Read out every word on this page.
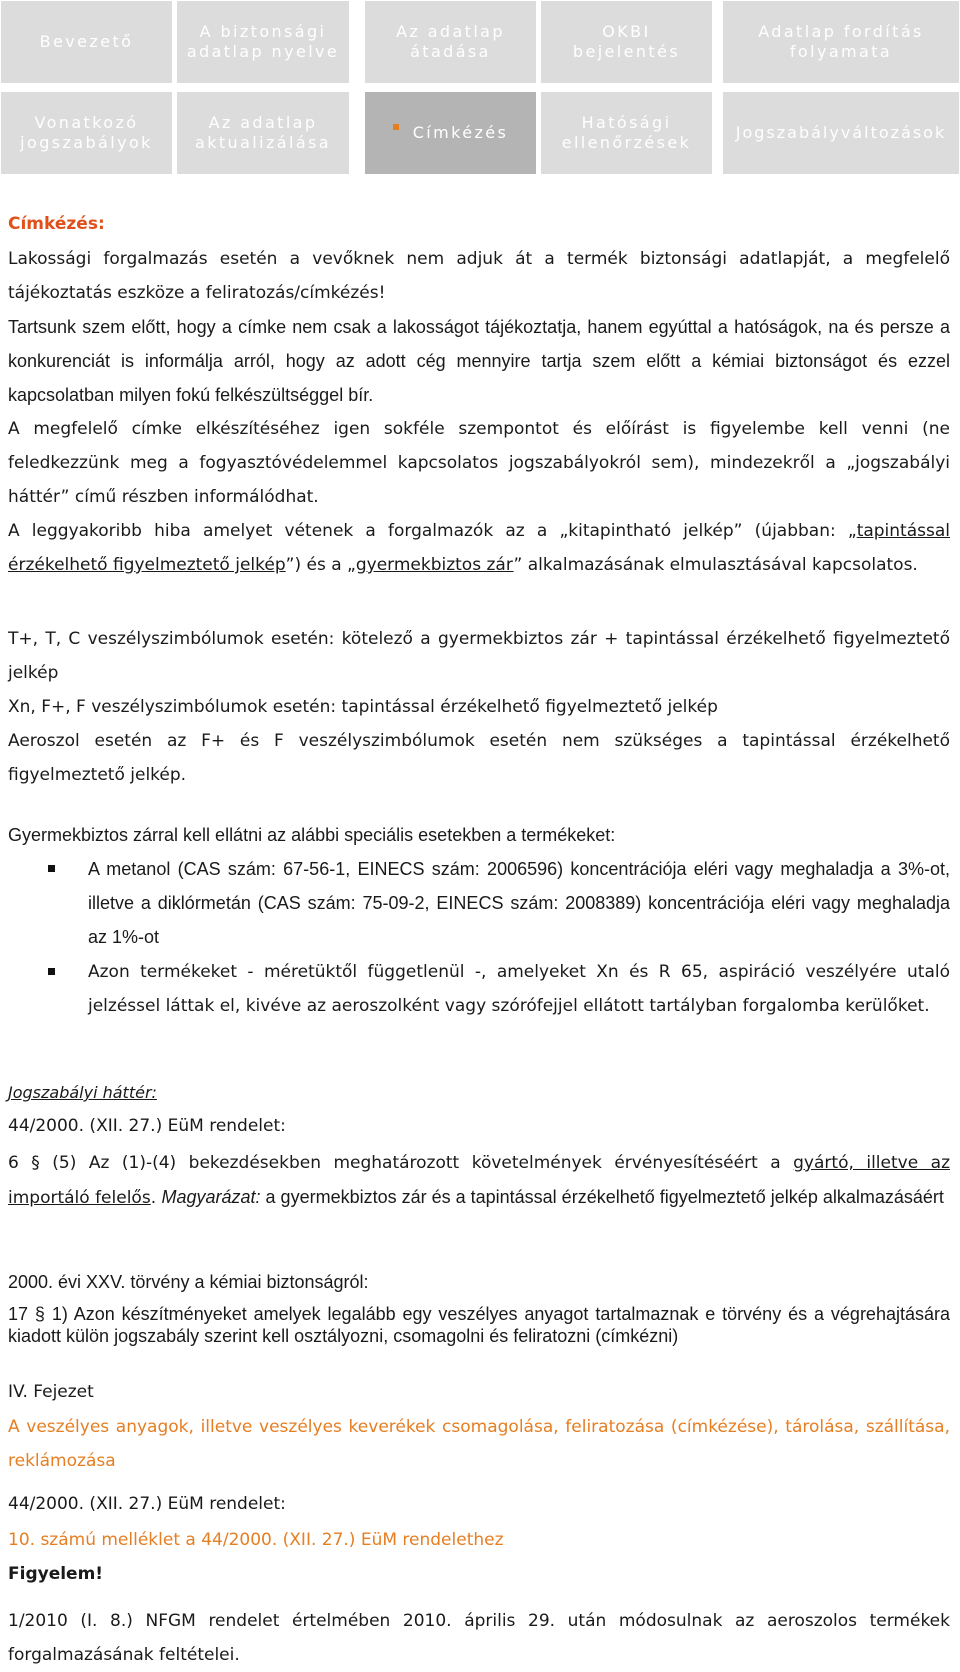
Bevezető
A biztonsági adatlap nyelve
Az adatlap átadása
OKBI bejelentés
Adatlap fordítás folyamata
Vonatkozó jogszabályok
Az adatlap aktualizálása
Címkézés
Hatósági ellenőrzések
Jogszabályváltozások
Címkézés:
Lakossági forgalmazás esetén a vevőknek nem adjuk át a termék biztonsági adatlapját, a megfelelő tájékoztatás eszköze a feliratozás/címkézés!
Tartsunk szem előtt, hogy a címke nem csak a lakosságot tájékoztatja, hanem egyúttal a hatóságok, na és persze a konkurenciát is informálja arról, hogy az adott cég mennyire tartja szem előtt a kémiai biztonságot és ezzel kapcsolatban milyen fokú felkészültséggel bír.
A megfelelő címke elkészítéséhez igen sokféle szempontot és előírást is figyelembe kell venni (ne feledkezzünk meg a fogyasztóvédelemmel kapcsolatos jogszabályokról sem), mindezekről a „jogszabályi háttér” című részben informálódhat.
A leggyakoribb hiba amelyet vétenek a forgalmazók az a „kitapintható jelkép” (újabban: „tapintással érzékelhető figyelmeztető jelkép”) és a „gyermekbiztos zár” alkalmazásának elmulasztásával kapcsolatos.
T+, T, C veszélyszimbólumok esetén: kötelező a gyermekbiztos zár + tapintással érzékelhető figyelmeztető jelkép
Xn, F+, F veszélyszimbólumok esetén: tapintással érzékelhető figyelmeztető jelkép
Aeroszol esetén az F+ és F veszélyszimbólumok esetén nem szükséges a tapintással érzékelhető figyelmeztető jelkép.
Gyermekbiztos zárral kell ellátni az alábbi speciális esetekben a termékeket:
A metanol (CAS szám: 67-56-1, EINECS szám: 2006596) koncentrációja eléri vagy meghaladja a 3%-ot, illetve a diklórmetán (CAS szám: 75-09-2, EINECS szám: 2008389) koncentrációja eléri vagy meghaladja az 1%-ot
Azon termékeket - méretüktől függetlenül -, amelyeket Xn és R 65, aspiráció veszélyére utaló jelzéssel láttak el, kivéve az aeroszolként vagy szórófejjel ellátott tartályban forgalomba kerülőket.
Jogszabályi háttér:
44/2000. (XII. 27.) EüM rendelet:
6 § (5) Az (1)-(4) bekezdésekben meghatározott követelmények érvényesítéséért a gyártó, illetve az importáló felelős. Magyarázat: a gyermekbiztos zár és a tapintással érzékelhető figyelmeztető jelkép alkalmazásáért
2000. évi XXV. törvény a kémiai biztonságról:
17 § 1) Azon készítményeket amelyek legalább egy veszélyes anyagot tartalmaznak e törvény és a végrehajtására kiadott külön jogszabály szerint kell osztályozni, csomagolni és feliratozni (címkézni)
IV. Fejezet
A veszélyes anyagok, illetve veszélyes keverékek csomagolása, feliratozása (címkézése), tárolása, szállítása, reklámozása
44/2000. (XII. 27.) EüM rendelet:
10. számú melléklet a 44/2000. (XII. 27.) EüM rendelethez
Figyelem!
1/2010 (I. 8.) NFGM rendelet értelmében 2010. április 29. után módosulnak az aeroszolos termékek forgalmazásának feltételei.
